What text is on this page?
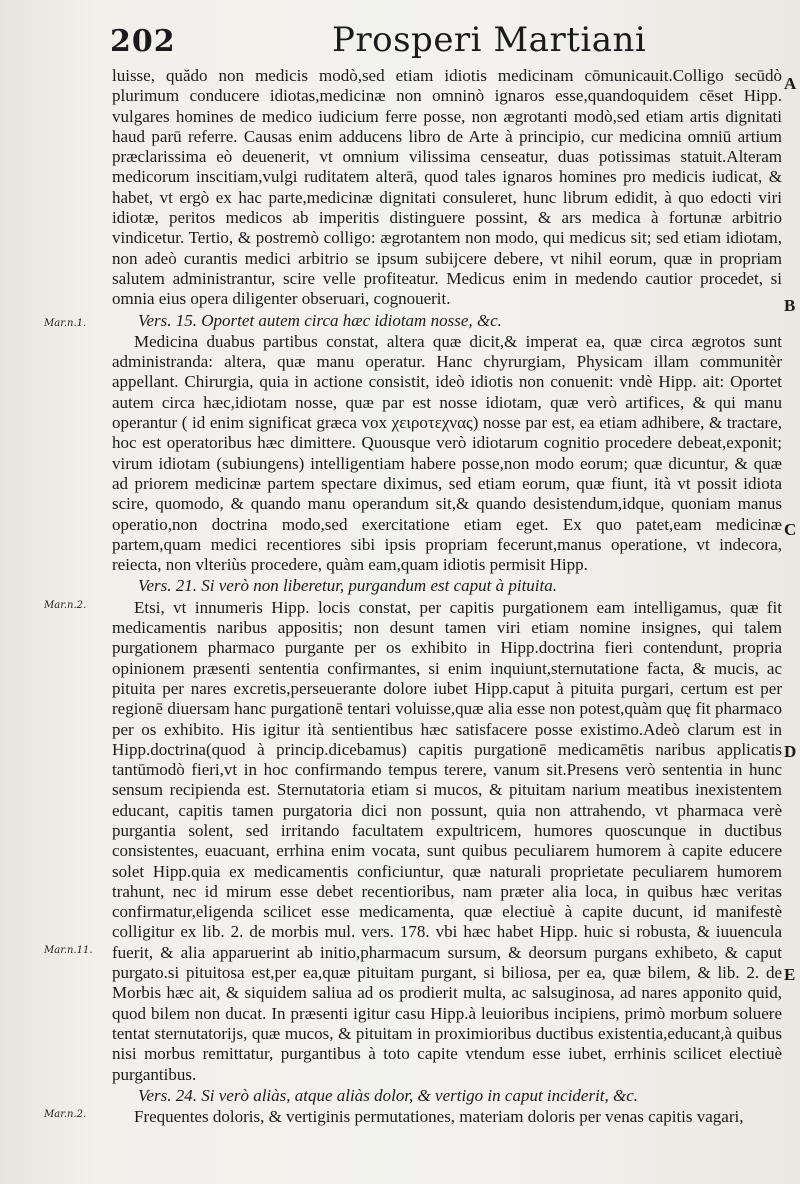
202	Prosperi Martiani
Mar.n.1.
Mar.n.2.
Mar.n.11.
Mar.n.2.
A
B
C
D
E

luisse, quădo non medicis modò,sed etiam idiotis medicinam cōmunicauit.Colligo secūdò plurimum conducere idiotas,medicinæ non omninò ignaros esse,quandoquidem cēset Hipp. vulgares homines de medico iudicium ferre posse, non ægrotanti modò,sed etiam artis dignitati haud parū referre. Causas enim adducens libro de Arte à principio, cur medicina omniū artium præclarissima eò deuenerit, vt omnium vilissima censeatur, duas potissimas statuit.Alteram medicorum inscitiam,vulgi ruditatem alterā, quod tales ignaros homines pro medicis iudicat, & habet, vt ergò ex hac parte,medicinæ dignitati consuleret, hunc librum edidit, à quo edocti viri idiotæ, peritos medicos ab imperitis distinguere possint, & ars medica à fortunæ arbitrio vindicetur. Tertio, & postremò colligo: ægrotantem non modo, qui medicus sit; sed etiam idiotam, non adeò curantis medici arbitrio se ipsum subijcere debere, vt nihil eorum, quæ in propriam salutem administrantur, scire velle profiteatur. Medicus enim in medendo cautior procedet, si omnia eius opera diligenter obseruari, cognouerit.

Vers. 15. Oportet autem circa hæc idiotam nosse, &c.

Medicina duabus partibus constat, altera quæ dicit,& imperat ea, quæ circa ægrotos sunt administranda: altera, quæ manu operatur. Hanc chyrurgiam, Physicam illam communitèr appellant. Chirurgia, quia in actione consistit, ideò idiotis non conuenit: vndè Hipp. ait: Oportet autem circa hæc,idiotam nosse, quæ par est nosse idiotam, quæ verò artifices, & qui manu operantur ( id enim significat græca vox χειροτεχνας) nosse par est, ea etiam adhibere, & tractare, hoc est operatoribus hæc dimittere. Quousque verò idiotarum cognitio procedere debeat,exponit; virum idiotam (subiungens) intelligentiam habere posse,non modo eorum; quæ dicuntur, & quæ ad priorem medicinæ partem spectare diximus, sed etiam eorum, quæ fiunt, ità vt possit idiota scire, quomodo, & quando manu operandum sit,& quando desistendum,idque, quoniam manus operatio,non doctrina modo,sed exercitatione etiam eget. Ex quo patet,eam medicinæ partem,quam medici recentiores sibi ipsis propriam fecerunt,manus operatione, vt indecora, reiecta, non vlteriùs procedere, quàm eam,quam idiotis permisit Hipp.

Vers. 21. Si verò non liberetur, purgandum est caput à pituita.

Etsi, vt innumeris Hipp. locis constat, per capitis purgationem eam intelligamus, quæ fit medicamentis naribus appositis; non desunt tamen viri etiam nomine insignes, qui talem purgationem pharmaco purgante per os exhibito in Hipp.doctrina fieri contendunt, propria opinionem præsenti sententia confirmantes, si enim inquiunt,sternutatione facta, & mucis, ac pituita per nares excretis,perseuerante dolore iubet Hipp.caput à pituita purgari, certum est per regionē diuersam hanc purgationē tentari voluisse,quæ alia esse non potest,quàm quę fit pharmaco per os exhibito. His igitur ità sentientibus hæc satisfacere posse existimo.Adeò clarum est in Hipp.doctrina(quod à princip.dicebamus) capitis purgationē medicamētis naribus applicatis tantūmodò fieri,vt in hoc confirmando tempus terere, vanum sit.Presens verò sententia in hunc sensum recipienda est. Sternutatoria etiam si mucos, & pituitam narium meatibus inexistentem educant, capitis tamen purgatoria dici non possunt, quia non attrahendo, vt pharmaca verè purgantia solent, sed irritando facultatem expultricem, humores quoscunque in ductibus consistentes, euacuant, errhina enim vocata, sunt quibus peculiarem humorem à capite educere solet Hipp.quia ex medicamentis conficiuntur, quæ naturali proprietate peculiarem humorem trahunt, nec id mirum esse debet recentioribus, nam præter alia loca, in quibus hæc veritas confirmatur,eligenda scilicet esse medicamenta, quæ electiuè à capite ducunt, id manifestè colligitur ex lib. 2. de morbis mul. vers. 178. vbi hæc habet Hipp. huic si robusta, & iuuencula fuerit, & alia apparuerint ab initio,pharmacum sursum, & deorsum purgans exhibeto, & caput purgato.si pituitosa est,per ea,quæ pituitam purgant, si biliosa, per ea, quæ bilem, & lib. 2. de Morbis hæc ait, & siquidem saliua ad os prodierit multa, ac salsuginosa, ad nares apponito quid, quod bilem non ducat. In præsenti igitur casu Hipp.à leuioribus incipiens, primò morbum soluere tentat sternutatorijs, quæ mucos, & pituitam in proximioribus ductibus existentia,educant,à quibus nisi morbus remittatur, purgantibus à toto capite vtendum esse iubet, errhinis scilicet electiuè purgantibus.

Vers. 24. Si verò aliàs, atque aliàs dolor, & vertigo in caput inciderit, &c.

Frequentes doloris, & vertiginis permutationes, materiam doloris per venas capitis vagari,
